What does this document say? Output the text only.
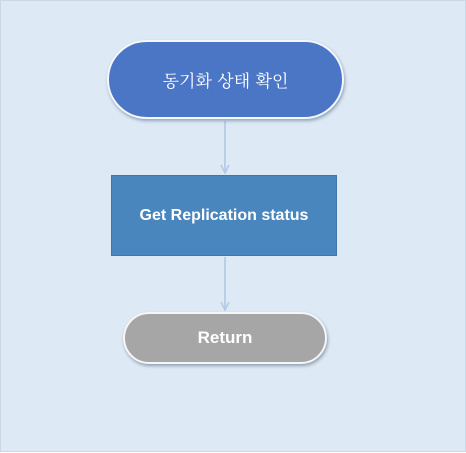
동기화 상태 확인
Get Replication status
Return
